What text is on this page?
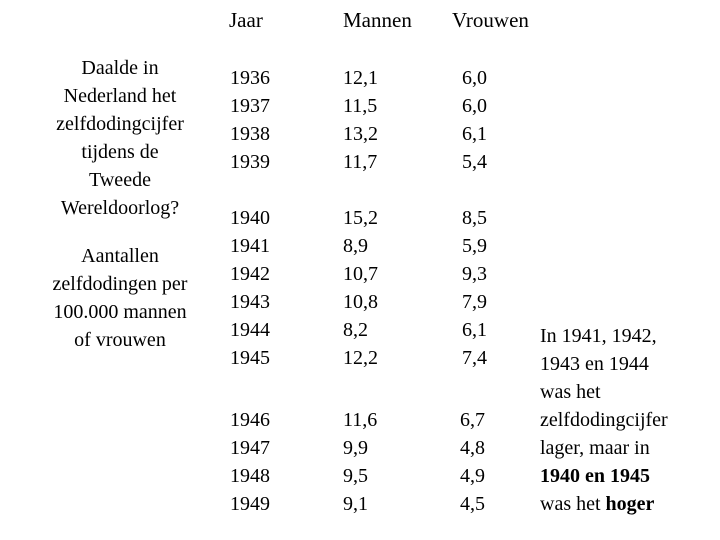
Jaar	Mannen Vrouwen
Daalde in
Nederland het
zelfdodingcijfer
tijdens de
Tweede
Wereldoorlog?
Aantallen
zelfdodingen per
100.000 mannen
of vrouwen
1936
1937
1938
1939
12,1
11,5
13,2
11,7
6,0
6,0
6,1
5,4
1940
1941
1942
1943
1944
1945
15,2
8,9
10,7
10,8
8,2
12,2
8,5
5,9
9,3
7,9
6,1
7,4
1946
1947
1948
1949
11,6
9,9
9,5
9,1
6,7
4,8
4,9
4,5
In 1941, 1942,
1943 en 1944
was het
zelfdodingcijfer
lager, maar in
1940 en 1945
was het hoger
